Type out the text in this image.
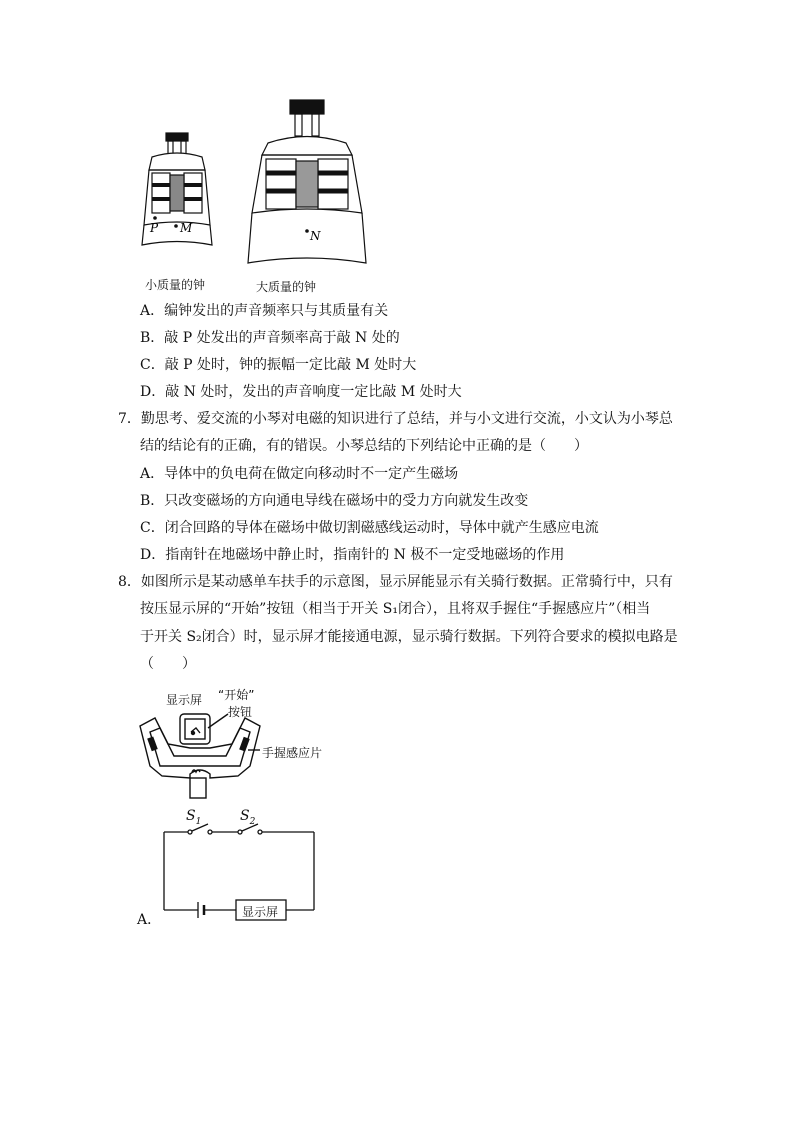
P M
N
小质量的钟	大质量的钟
A．编钟发出的声音频率只与其质量有关
B．敲 P 处发出的声音频率高于敲 N 处的
C．敲 P 处时，钟的振幅一定比敲 M 处时大
D．敲 N 处时，发出的声音响度一定比敲 M 处时大
7．勤思考、爱交流的小琴对电磁的知识进行了总结，并与小文进行交流，小文认为小琴总
结的结论有的正确，有的错误。小琴总结的下列结论中正确的是（　　）
A．导体中的负电荷在做定向移动时不一定产生磁场
B．只改变磁场的方向通电导线在磁场中的受力方向就发生改变
C．闭合回路的导体在磁场中做切割磁感线运动时，导体中就产生感应电流
D．指南针在地磁场中静止时，指南针的 N 极不一定受地磁场的作用
8．如图所示是某动感单车扶手的示意图，显示屏能显示有关骑行数据。正常骑行中，只有
按压显示屏的“开始”按钮（相当于开关 S₁闭合），且将双手握住“手握感应片”（相当
于开关 S₂闭合）时，显示屏才能接通电源，显示骑行数据。下列符合要求的模拟电路是
（　　）
显示屏 “开始”
按钮
手握感应片
$S_1$	$S_2$
显示屏
A．
